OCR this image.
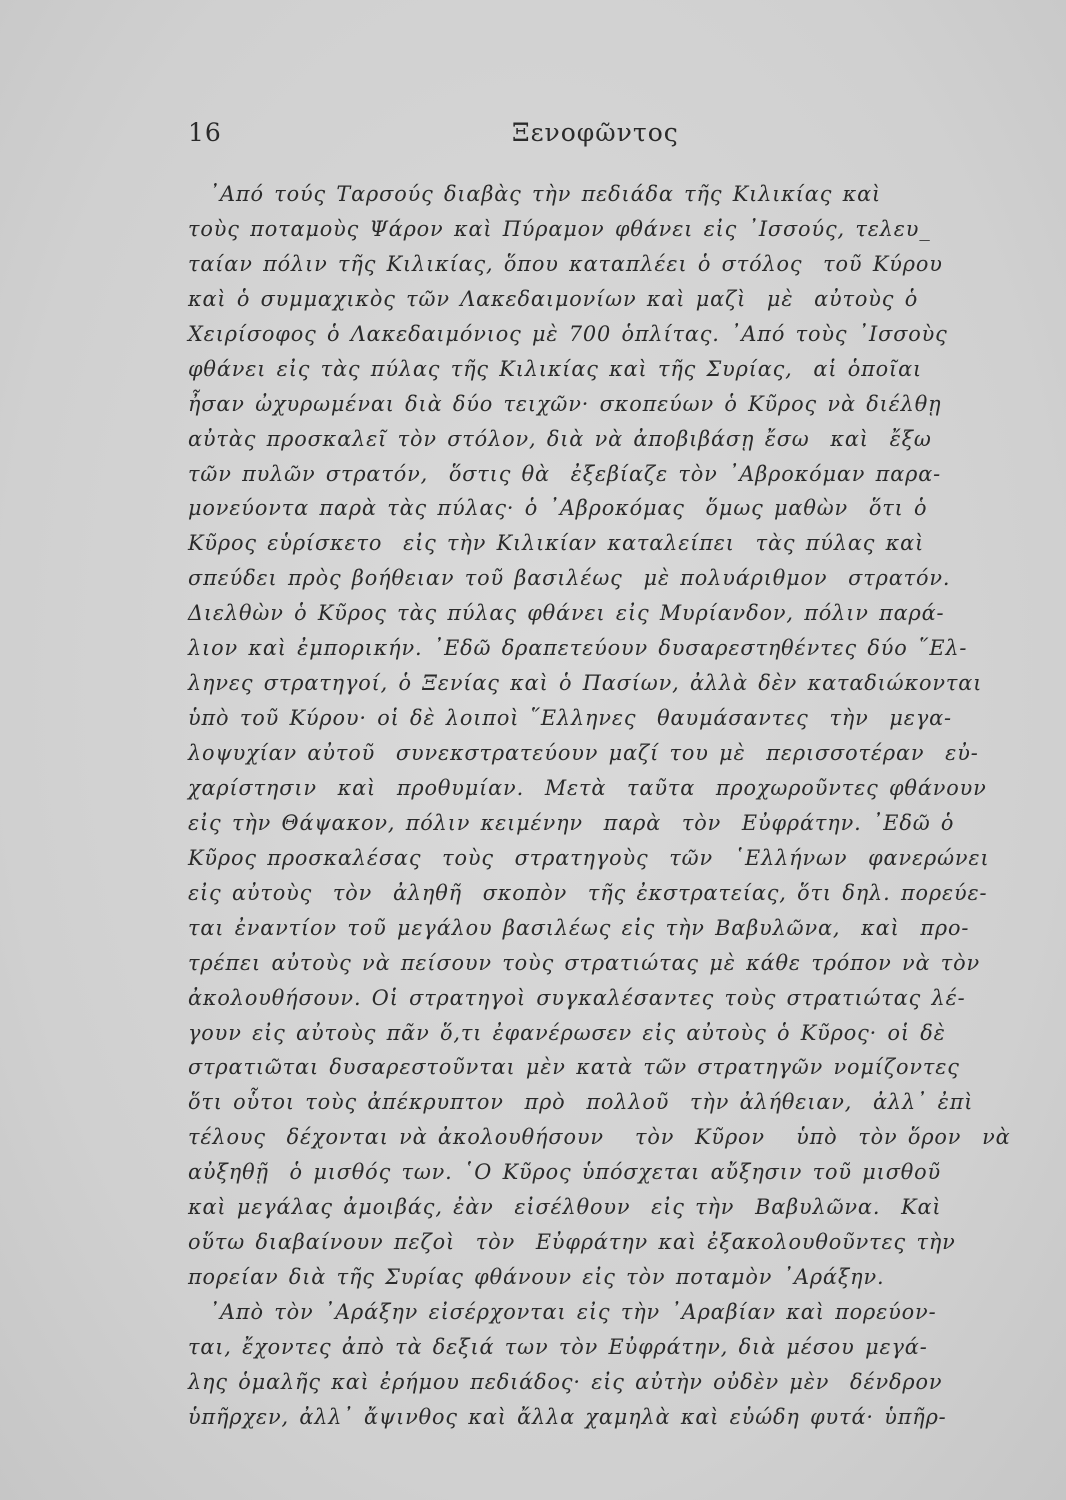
16	Ξενοφῶντος
᾽Από τούς Ταρσούς διαβὰς τὴν πεδιάδα τῆς Κιλικίας καὶ
τοὺς ποταμοὺς Ψάρον καὶ Πύραμον φθάνει εἰς ᾽Ισσούς, τελευ_
ταίαν πόλιν τῆς Κιλικίας, ὅπου καταπλέει ὁ στόλος  τοῦ Κύρου
καὶ ὁ συμμαχικὸς τῶν Λακεδαιμονίων καὶ μαζὶ  μὲ  αὐτοὺς ὁ
Χειρίσοφος ὁ Λακεδαιμόνιος μὲ 700 ὁπλίτας. ᾽Από τοὺς ᾽Ισσοὺς
φθάνει εἰς τὰς πύλας τῆς Κιλικίας καὶ τῆς Συρίας,  αἱ ὁποῖαι
ἦσαν ὠχυρωμέναι διὰ δύο τειχῶν· σκοπεύων ὁ Κῦρος νὰ διέλθῃ
αὐτὰς προσκαλεῖ τὸν στόλον, διὰ νὰ ἀποβιβάσῃ ἔσω  καὶ  ἔξω
τῶν πυλῶν στρατόν,  ὅστις θὰ  ἐξεβίαζε τὸν ᾽Αβροκόμαν παρα-
μονεύοντα παρὰ τὰς πύλας· ὁ ᾽Αβροκόμας  ὅμως μαθὼν  ὅτι ὁ
Κῦρος εὑρίσκετο  εἰς τὴν Κιλικίαν καταλείπει  τὰς πύλας καὶ
σπεύδει πρὸς βοήθειαν τοῦ βασιλέως  μὲ πολυάριθμον  στρατόν.
Διελθὼν ὁ Κῦρος τὰς πύλας φθάνει εἰς Μυρίανδον, πόλιν παρά-
λιον καὶ ἐμπορικήν. ᾽Εδῶ δραπετεύουν δυσαρεστηθέντες δύο ῞Ελ-
ληνες στρατηγοί, ὁ Ξενίας καὶ ὁ Πασίων, ἀλλὰ δὲν καταδιώκονται
ὑπὸ τοῦ Κύρου· οἱ δὲ λοιποὶ ῞Ελληνες  θαυμάσαντες  τὴν  μεγα-
λοψυχίαν αὐτοῦ  συνεκστρατεύουν μαζί του μὲ  περισσοτέραν  εὐ-
χαρίστησιν  καὶ  προθυμίαν.  Μετὰ  ταῦτα  προχωροῦντες φθάνουν
εἰς τὴν Θάψακον, πόλιν κειμένην  παρὰ  τὸν  Εὐφράτην. ᾽Εδῶ ὁ
Κῦρος προσκαλέσας  τοὺς  στρατηγοὺς  τῶν  ῾Ελλήνων  φανερώνει
εἰς αὐτοὺς  τὸν  ἀληθῆ  σκοπὸν  τῆς ἐκστρατείας, ὅτι δηλ. πορεύε-
ται ἐναντίον τοῦ μεγάλου βασιλέως εἰς τὴν Βαβυλῶνα,  καὶ  προ-
τρέπει αὐτοὺς νὰ πείσουν τοὺς στρατιώτας μὲ κάθε τρόπον νὰ τὸν
ἀκολουθήσουν. Οἱ στρατηγοὶ συγκαλέσαντες τοὺς στρατιώτας λέ-
γουν εἰς αὐτοὺς πᾶν ὅ,τι ἐφανέρωσεν εἰς αὐτοὺς ὁ Κῦρος· οἱ δὲ
στρατιῶται δυσαρεστοῦνται μὲν κατὰ τῶν στρατηγῶν νομίζοντες
ὅτι οὗτοι τοὺς ἀπέκρυπτον  πρὸ  πολλοῦ  τὴν ἀλήθειαν,  ἀλλ᾽ ἐπὶ
τέλους  δέχονται νὰ ἀκολουθήσουν   τὸν  Κῦρον   ὑπὸ  τὸν ὅρον  νὰ
αὐξηθῇ  ὁ μισθός των. ῾Ο Κῦρος ὑπόσχεται αὔξησιν τοῦ μισθοῦ
καὶ μεγάλας ἀμοιβάς, ἐὰν  εἰσέλθουν  εἰς τὴν  Βαβυλῶνα.  Καὶ
οὕτω διαβαίνουν πεζοὶ  τὸν  Εὐφράτην καὶ ἐξακολουθοῦντες τὴν
πορείαν διὰ τῆς Συρίας φθάνουν εἰς τὸν ποταμὸν ᾽Αράξην.
᾽Απὸ τὸν ᾽Αράξην εἰσέρχονται εἰς τὴν ᾽Αραβίαν καὶ πορεύον-
ται, ἔχοντες ἀπὸ τὰ δεξιά των τὸν Εὐφράτην, διὰ μέσου μεγά-
λης ὁμαλῆς καὶ ἐρήμου πεδιάδος· εἰς αὐτὴν οὐδὲν μὲν  δένδρον
ὑπῆρχεν, ἀλλ᾽ ἄψινθος καὶ ἄλλα χαμηλὰ καὶ εὐώδη φυτά· ὑπῆρ-
